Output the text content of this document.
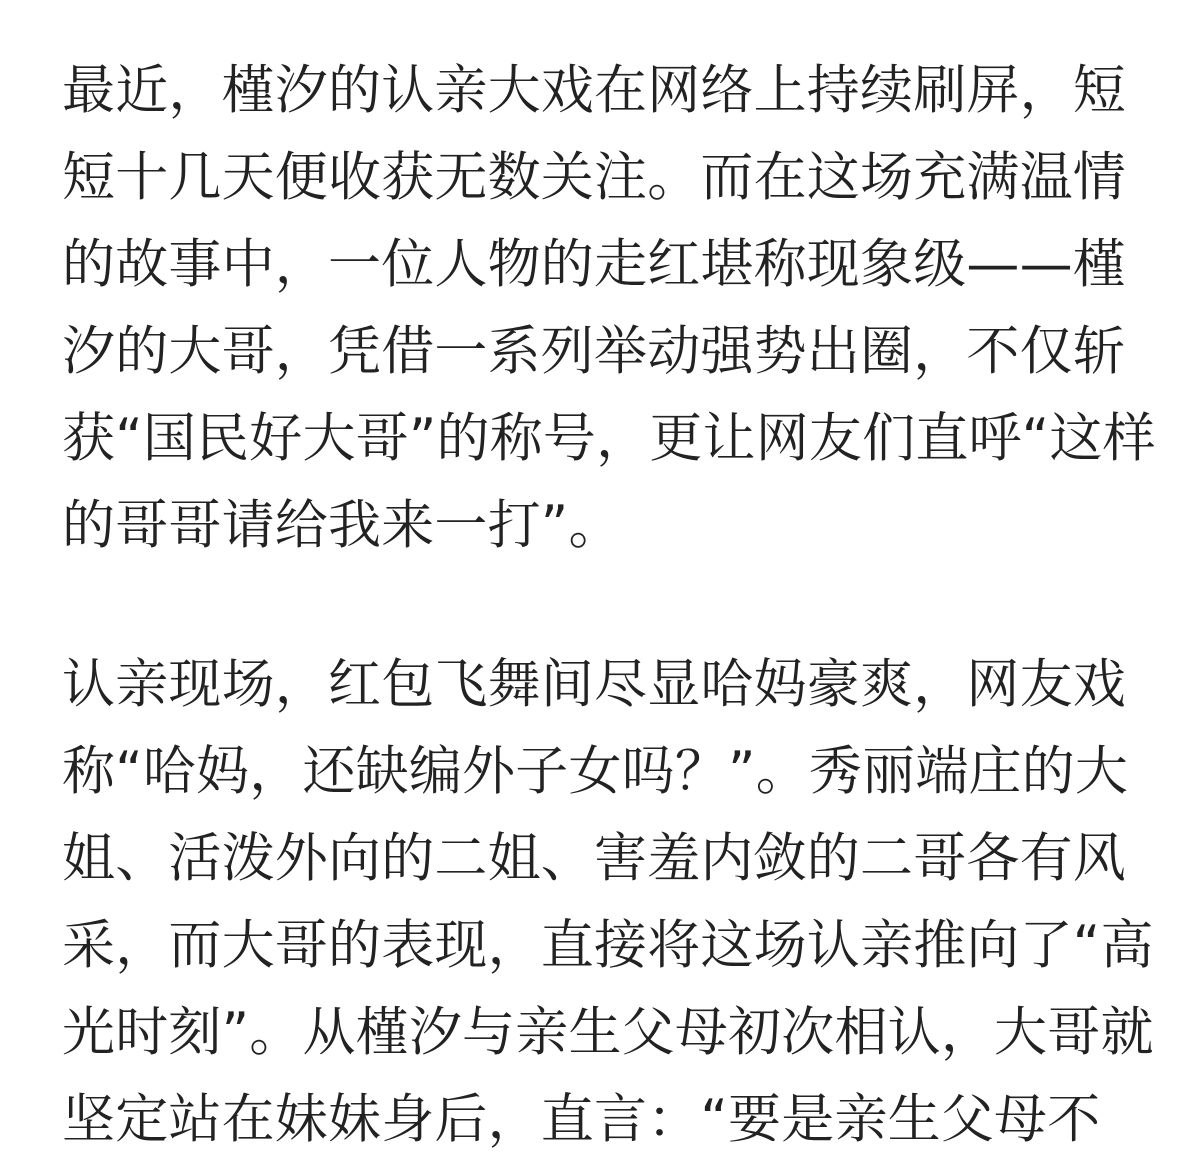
最近，槿汐的认亲大戏在网络上持续刷屏，短
短十几天便收获无数关注。而在这场充满温情
的故事中，一位人物的走红堪称现象级——槿
汐的大哥，凭借一系列举动强势出圈，不仅斩
获“国民好大哥”的称号，更让网友们直呼“这样
的哥哥请给我来一打”。
认亲现场，红包飞舞间尽显哈妈豪爽，网友戏
称“哈妈，还缺编外子女吗？”。秀丽端庄的大
姐、活泼外向的二姐、害羞内敛的二哥各有风
采，而大哥的表现，直接将这场认亲推向了“高
光时刻”。从槿汐与亲生父母初次相认，大哥就
坚定站在妹妹身后，直言：“要是亲生父母不
